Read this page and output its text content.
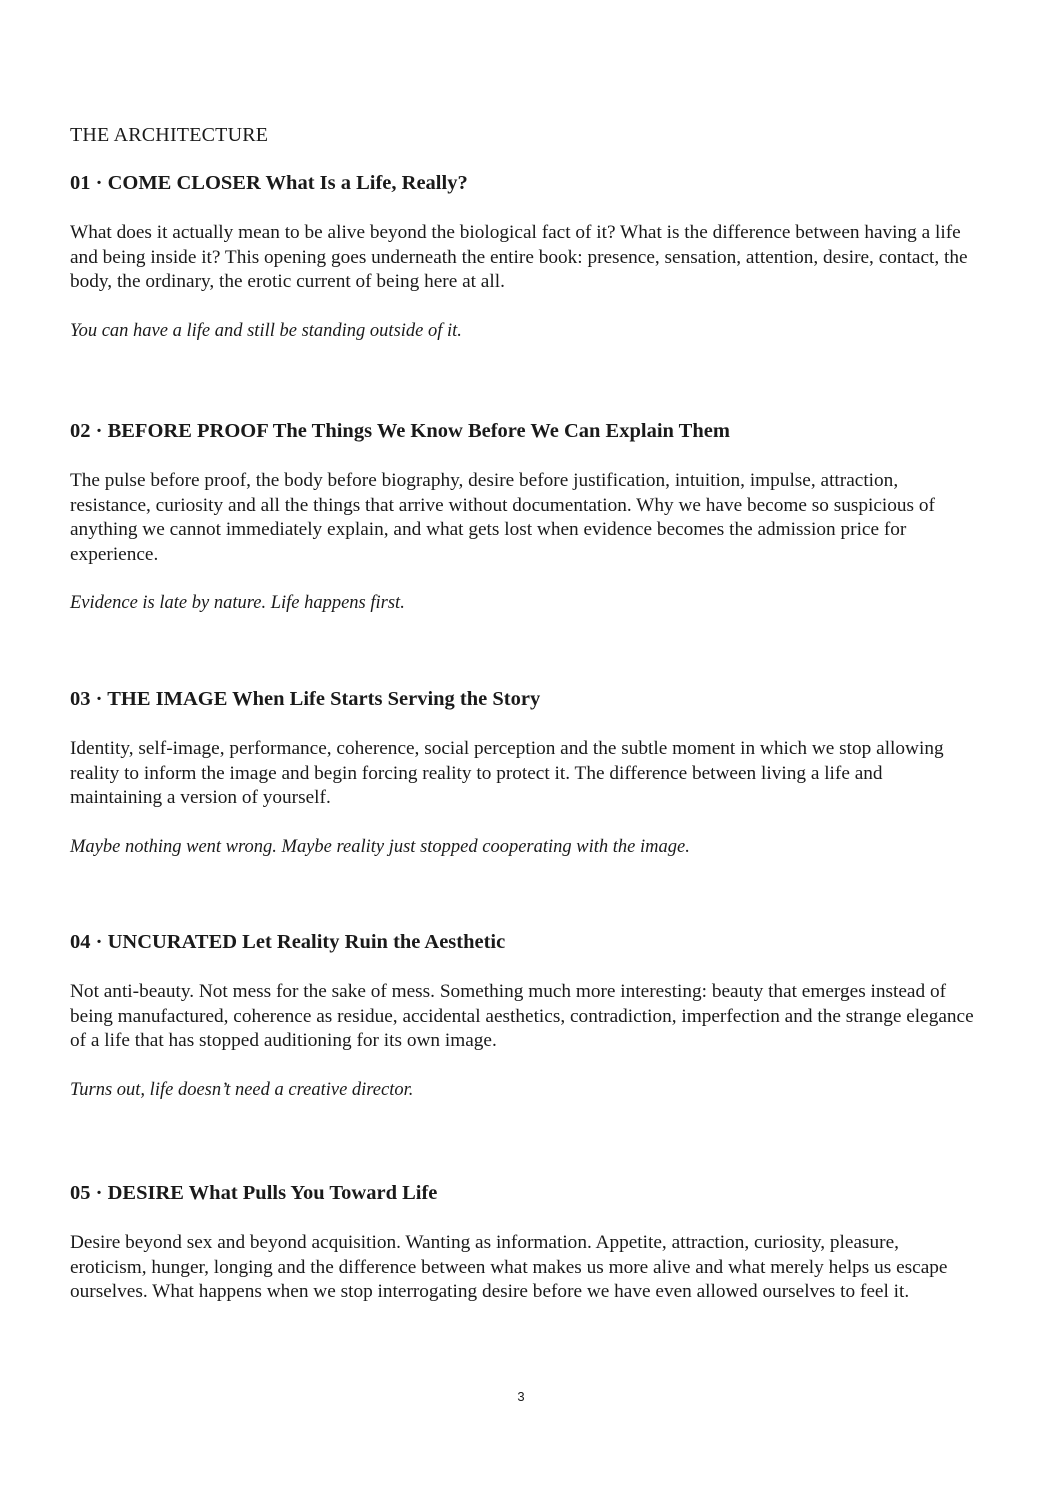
THE ARCHITECTURE
01 · COME CLOSER What Is a Life, Really?

What does it actually mean to be alive beyond the biological fact of it? What is the difference between having a life and being inside it? This opening goes underneath the entire book: presence, sensation, attention, desire, contact, the body, the ordinary, the erotic current of being here at all.

You can have a life and still be standing outside of it.

02 · BEFORE PROOF The Things We Know Before We Can Explain Them

The pulse before proof, the body before biography, desire before justification, intuition, impulse, attraction, resistance, curiosity and all the things that arrive without documentation. Why we have become so suspicious of anything we cannot immediately explain, and what gets lost when evidence becomes the admission price for experience.

Evidence is late by nature. Life happens first.

03 · THE IMAGE When Life Starts Serving the Story

Identity, self-image, performance, coherence, social perception and the subtle moment in which we stop allowing reality to inform the image and begin forcing reality to protect it. The difference between living a life and maintaining a version of yourself.

Maybe nothing went wrong. Maybe reality just stopped cooperating with the image.

04 · UNCURATED Let Reality Ruin the Aesthetic

Not anti-beauty. Not mess for the sake of mess. Something much more interesting: beauty that emerges instead of being manufactured, coherence as residue, accidental aesthetics, contradiction, imperfection and the strange elegance of a life that has stopped auditioning for its own image.

Turns out, life doesn’t need a creative director.

05 · DESIRE What Pulls You Toward Life

Desire beyond sex and beyond acquisition. Wanting as information. Appetite, attraction, curiosity, pleasure, eroticism, hunger, longing and the difference between what makes us more alive and what merely helps us escape ourselves. What happens when we stop interrogating desire before we have even allowed ourselves to feel it.

3
